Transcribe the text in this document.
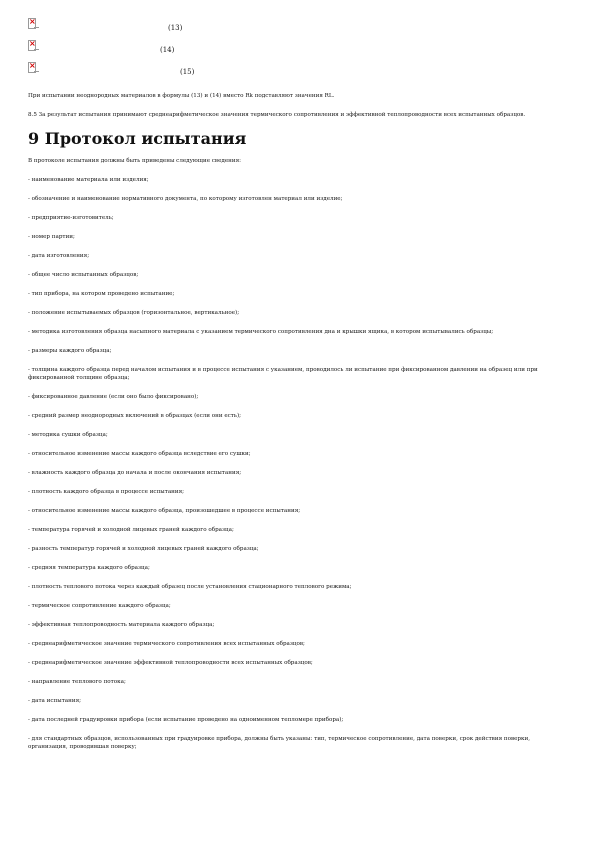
×
(13)
×
(14)
×
(15)

При испытании неоднородных материалов в формулы (13) и (14) вместо Rk подставляют значения RL.

8.5 За результат испытания принимают среднеарифметическое значения термического сопротивления и эффективной теплопроводности всех испытанных образцов.

9 Протокол испытания

В протоколе испытания должны быть приведены следующие сведения:

- наименование материала или изделия;

- обозначение и наименование нормативного документа, по которому изготовлен материал или изделие;

- предприятие-изготовитель;

- номер партии;

- дата изготовления;

- общее число испытанных образцов;

- тип прибора, на котором проведено испытание;

- положение испытываемых образцов (горизонтальное, вертикальное);

- методика изготовления образца насыпного материала с указанием термического сопротивления дна и крышки ящика, в котором испытывались образцы;

- размеры каждого образца;

- толщина каждого образца перед началом испытания и в процессе испытания с указанием, проводилось ли испытание при фиксированном давлении на образец или при фиксированной толщине образца;

- фиксированное давление (если оно было фиксировано);

- средний размер неоднородных включений в образцах (если они есть);

- методика сушки образца;

- относительное изменение массы каждого образца вследствие его сушки;

- влажность каждого образца до начала и после окончания испытания;

- плотность каждого образца в процессе испытания;

- относительное изменение массы каждого образца, произошедшее в процессе испытания;

- температура горячей и холодной лицевых граней каждого образца;

- разность температур горячей и холодной лицевых граней каждого образца;

- средняя температура каждого образца;

- плотность теплового потока через каждый образец после установления стационарного теплового режима;

- термическое сопротивление каждого образца;

- эффективная теплопроводность материала каждого образца;

- среднеарифметическое значение термического сопротивления всех испытанных образцов;

- среднеарифметическое значение эффективной теплопроводности всех испытанных образцов;

- направление теплового потока;

- дата испытания;

- дата последней градуировки прибора (если испытание проведено на одноименном тепломере прибора);

- для стандартных образцов, использованных при градуировке прибора, должны быть указаны: тип, термическое сопротивление, дата поверки, срок действия поверки, организация, проводившая поверку;
